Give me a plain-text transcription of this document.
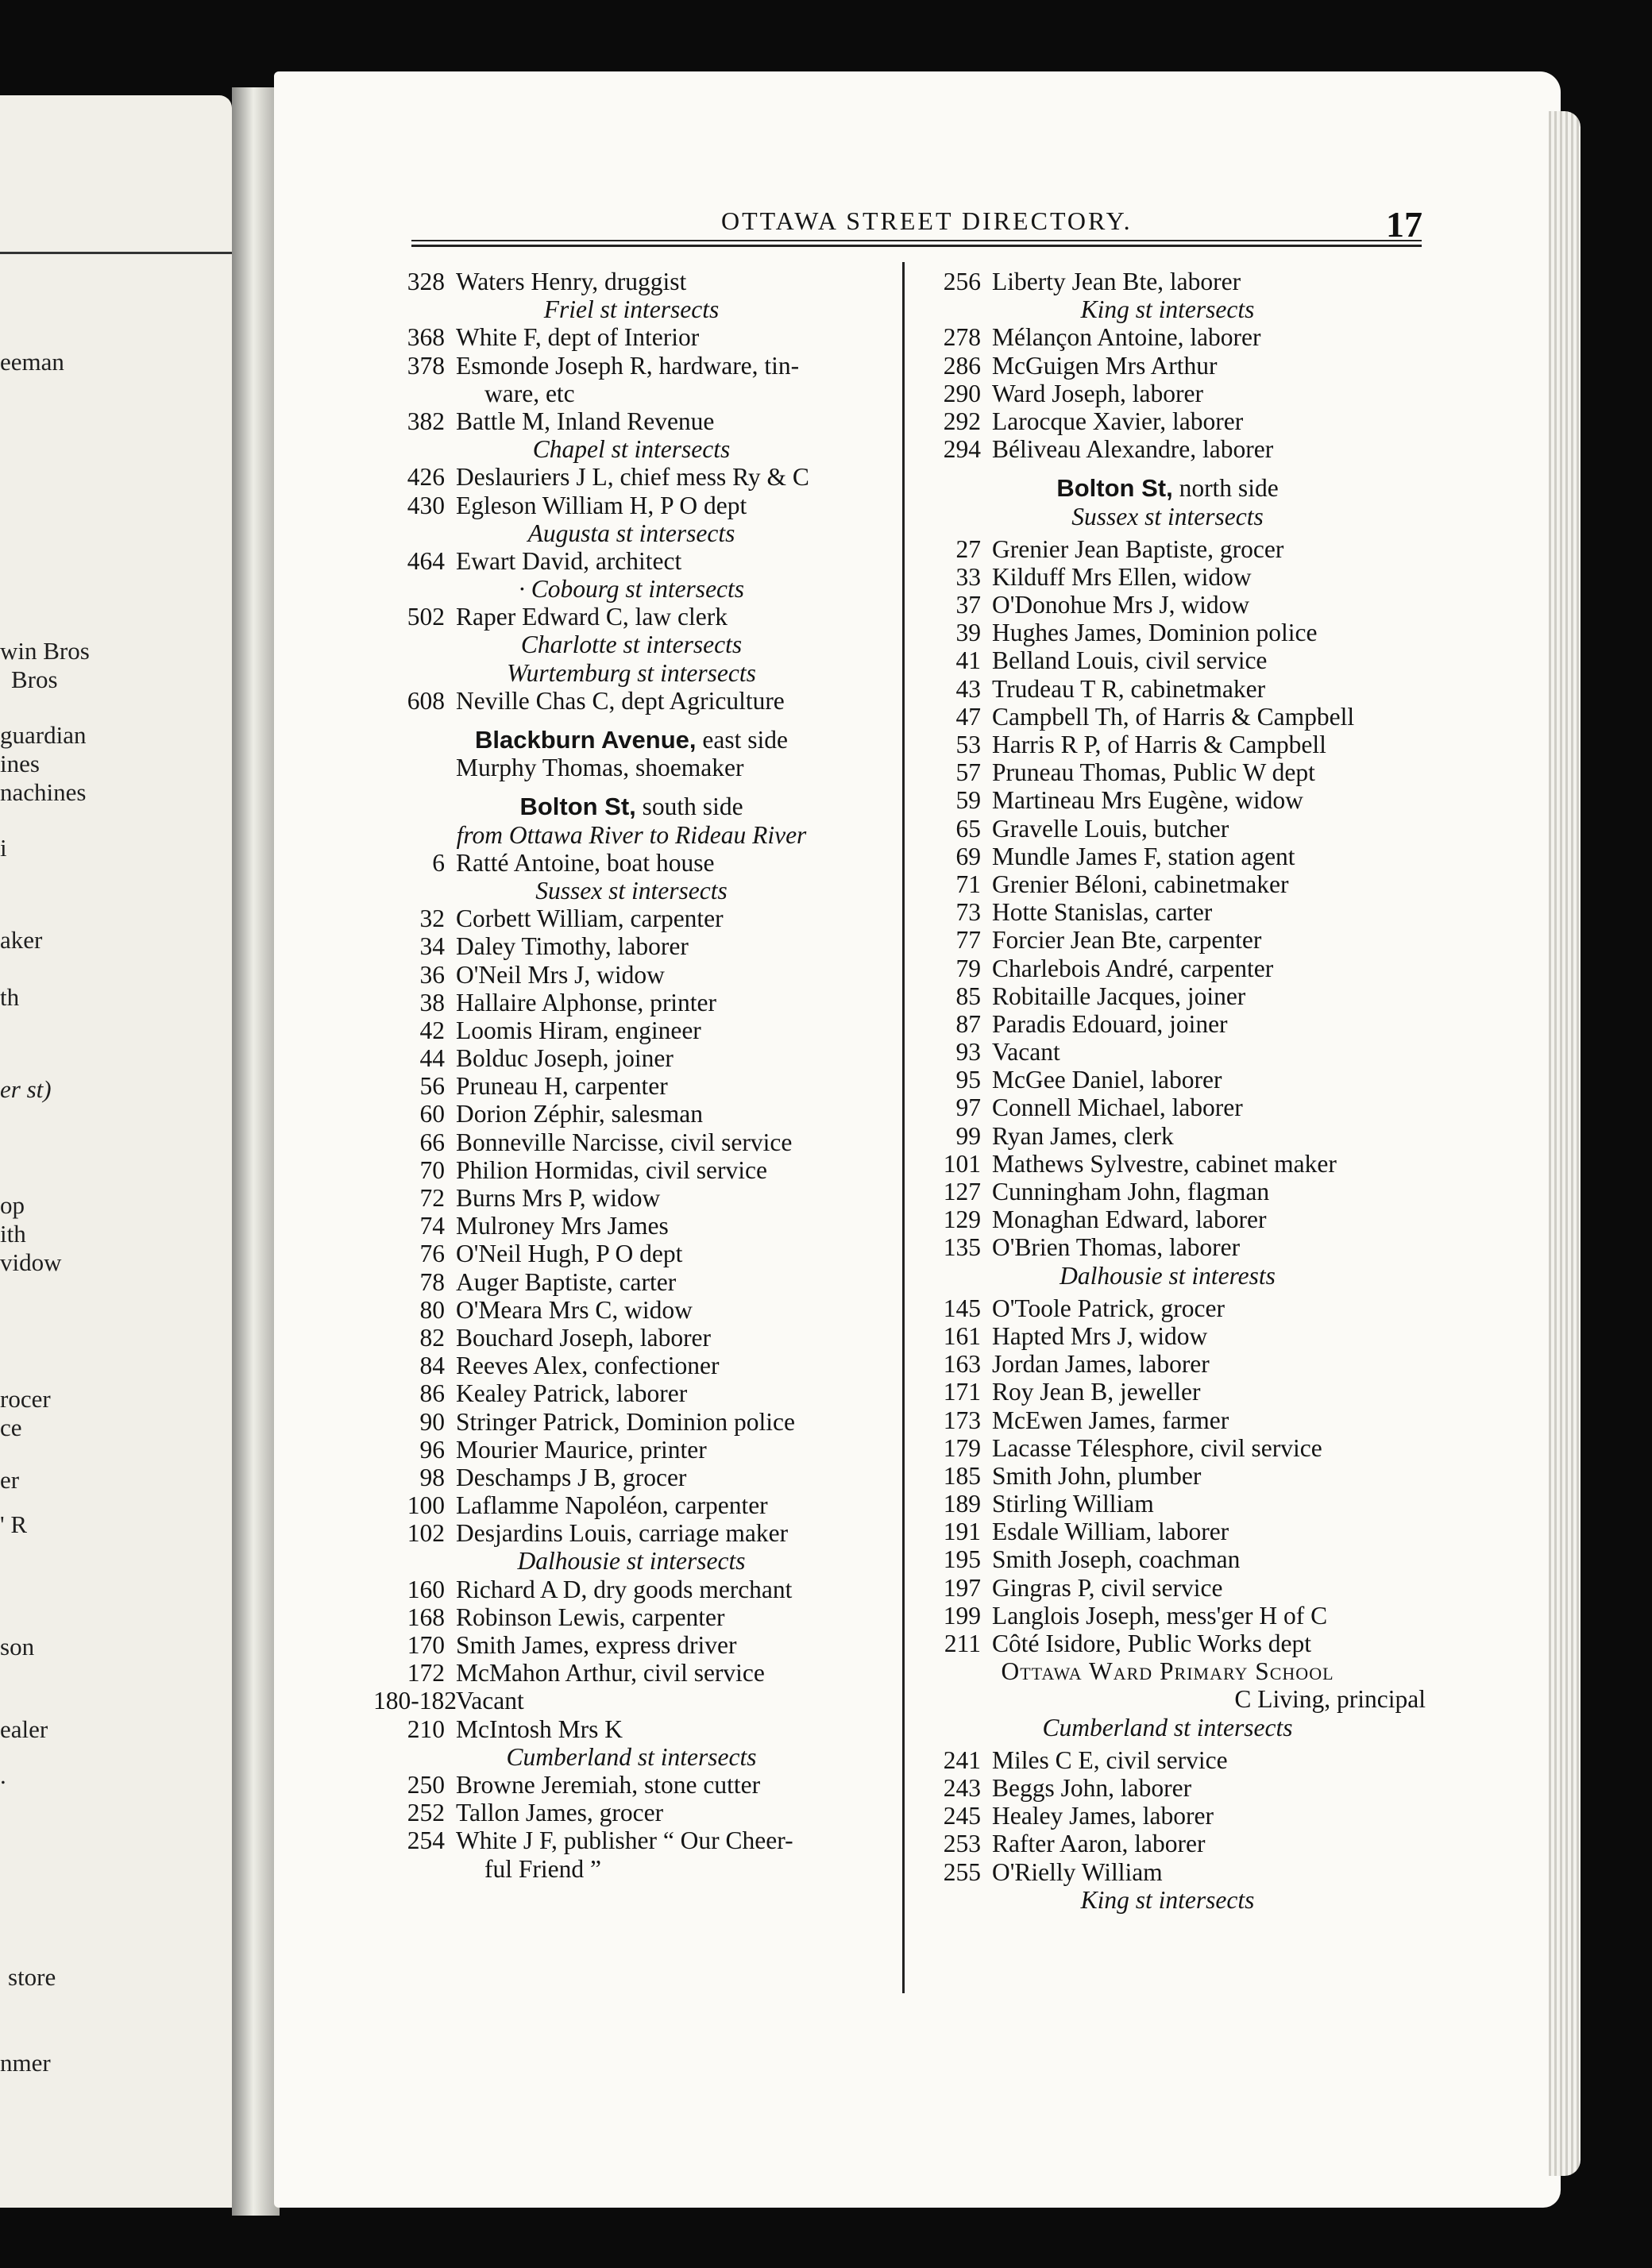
eeman
win Bros
Bros
guardian
ines
nachines
i
aker
th
er st)
op
ith
vidow
rocer
ce
er
' R
son
ealer
.
store
nmer
OTTAWA STREET DIRECTORY.	17
328 Waters Henry, druggist
Friel st intersects
368 White F, dept of Interior
378 Esmonde Joseph R, hardware, tin-
ware, etc
382 Battle M, Inland Revenue
Chapel st intersects
426 Deslauriers J L, chief mess Ry & C
430 Egleson William H, P O dept
Augusta st intersects
464 Ewart David, architect
· Cobourg st intersects
502 Raper Edward C, law clerk
Charlotte st intersects
Wurtemburg st intersects
608 Neville Chas C, dept Agriculture
Blackburn Avenue, east side
Murphy Thomas, shoemaker
Bolton St, south side
from Ottawa River to Rideau River
6 Ratté Antoine, boat house
Sussex st intersects
32 Corbett William, carpenter
34 Daley Timothy, laborer
36 O'Neil Mrs J, widow
38 Hallaire Alphonse, printer
42 Loomis Hiram, engineer
44 Bolduc Joseph, joiner
56 Pruneau H, carpenter
60 Dorion Zéphir, salesman
66 Bonneville Narcisse, civil service
70 Philion Hormidas, civil service
72 Burns Mrs P, widow
74 Mulroney Mrs James
76 O'Neil Hugh, P O dept
78 Auger Baptiste, carter
80 O'Meara Mrs C, widow
82 Bouchard Joseph, laborer
84 Reeves Alex, confectioner
86 Kealey Patrick, laborer
90 Stringer Patrick, Dominion police
96 Mourier Maurice, printer
98 Deschamps J B, grocer
100 Laflamme Napoléon, carpenter
102 Desjardins Louis, carriage maker
Dalhousie st intersects
160 Richard A D, dry goods merchant
168 Robinson Lewis, carpenter
170 Smith James, express driver
172 McMahon Arthur, civil service
180-182 Vacant
210 McIntosh Mrs K
Cumberland st intersects
250 Browne Jeremiah, stone cutter
252 Tallon James, grocer
254 White J F, publisher “ Our Cheer-
ful Friend ”
256 Liberty Jean Bte, laborer
King st intersects
278 Mélançon Antoine, laborer
286 McGuigen Mrs Arthur
290 Ward Joseph, laborer
292 Larocque Xavier, laborer
294 Béliveau Alexandre, laborer
Bolton St, north side
Sussex st intersects
27 Grenier Jean Baptiste, grocer
33 Kilduff Mrs Ellen, widow
37 O'Donohue Mrs J, widow
39 Hughes James, Dominion police
41 Belland Louis, civil service
43 Trudeau T R, cabinetmaker
47 Campbell Th, of Harris & Campbell
53 Harris R P, of Harris & Campbell
57 Pruneau Thomas, Public W dept
59 Martineau Mrs Eugène, widow
65 Gravelle Louis, butcher
69 Mundle James F, station agent
71 Grenier Béloni, cabinetmaker
73 Hotte Stanislas, carter
77 Forcier Jean Bte, carpenter
79 Charlebois André, carpenter
85 Robitaille Jacques, joiner
87 Paradis Edouard, joiner
93 Vacant
95 McGee Daniel, laborer
97 Connell Michael, laborer
99 Ryan James, clerk
101 Mathews Sylvestre, cabinet maker
127 Cunningham John, flagman
129 Monaghan Edward, laborer
135 O'Brien Thomas, laborer
Dalhousie st interests
145 O'Toole Patrick, grocer
161 Hapted Mrs J, widow
163 Jordan James, laborer
171 Roy Jean B, jeweller
173 McEwen James, farmer
179 Lacasse Télesphore, civil service
185 Smith John, plumber
189 Stirling William
191 Esdale William, laborer
195 Smith Joseph, coachman
197 Gingras P, civil service
199 Langlois Joseph, mess'ger H of C
211 Côté Isidore, Public Works dept
Ottawa Ward Primary School
C Living, principal
Cumberland st intersects
241 Miles C E, civil service
243 Beggs John, laborer
245 Healey James, laborer
253 Rafter Aaron, laborer
255 O'Rielly William
King st intersects
